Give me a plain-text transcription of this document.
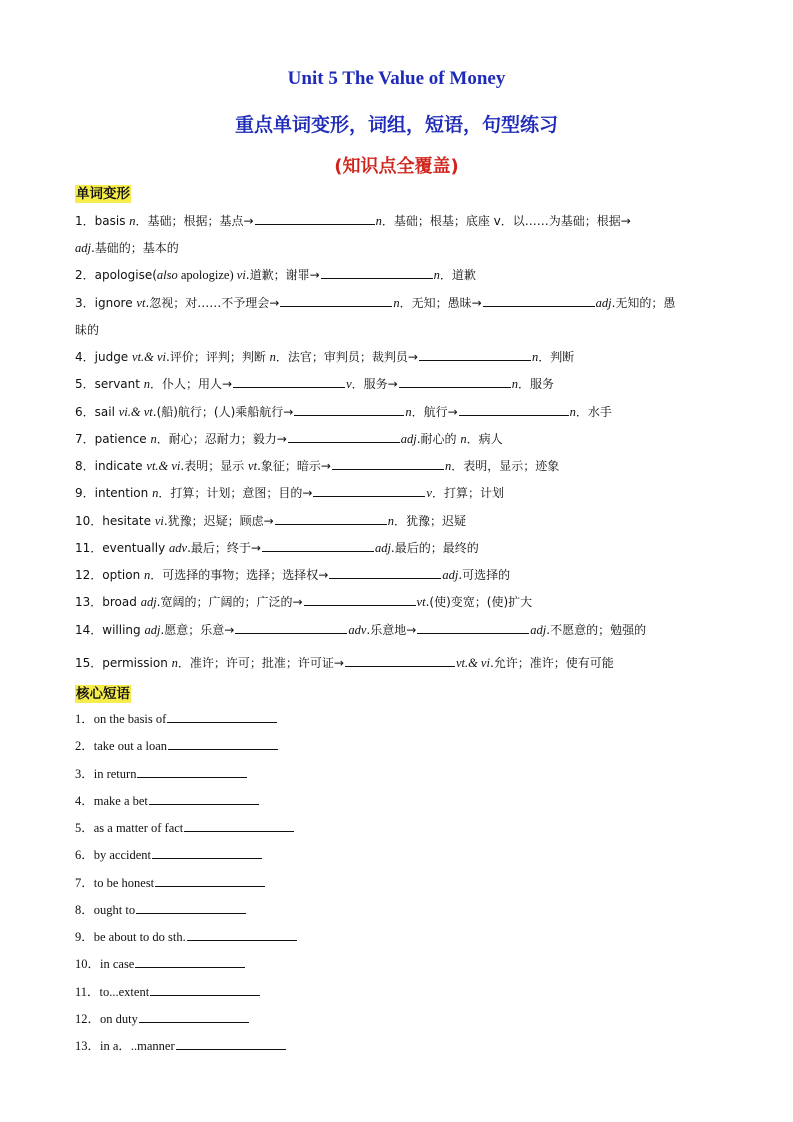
Unit 5 The Value of Money
重点单词变形，词组，短语，句型练习
(知识点全覆盖)
单词变形
1．basis n．基础；根据；基点→	n．基础；根基；底座 v．以……为基础；根据→
adj.基础的；基本的
2．apologise(also apologize) vi.道歉；谢罪→	n．道歉
3．ignore vt.忽视；对……不予理会→	n．无知；愚昧→	adj.无知的；愚
昧的
4．judge vt.& vi.评价；评判；判断 n．法官；审判员；裁判员→	n．判断
5．servant n．仆人；用人→	v．服务→	n．服务
6．sail vi.& vt.(船)航行；(人)乘船航行→	n．航行→	n．水手
7．patience n．耐心；忍耐力；毅力→	adj.耐心的 n．病人
8．indicate vt.& vi.表明；显示 vt.象征；暗示→	n．表明，显示；迹象
9．intention n．打算；计划；意图；目的→	v．打算；计划
10．hesitate vi.犹豫；迟疑；顾虑→	n．犹豫；迟疑
11．eventually adv.最后；终于→	adj.最后的；最终的
12．option n．可选择的事物；选择；选择权→	adj.可选择的
13．broad adj.宽阔的；广阔的；广泛的→	vt.(使)变宽；(使)扩大
14．willing adj.愿意；乐意→	adv.乐意地→	adj.不愿意的；勉强的
15．permission n．准许；许可；批准；许可证→	vt.& vi.允许；准许；使有可能
核心短语
1．on the basis of
2．take out a loan
3．in return
4．make a bet
5．as a matter of fact
6．by accident
7．to be honest
8．ought to
9．be about to do sth.
10．in case
11．to...extent
12．on duty
13．in a．..manner
